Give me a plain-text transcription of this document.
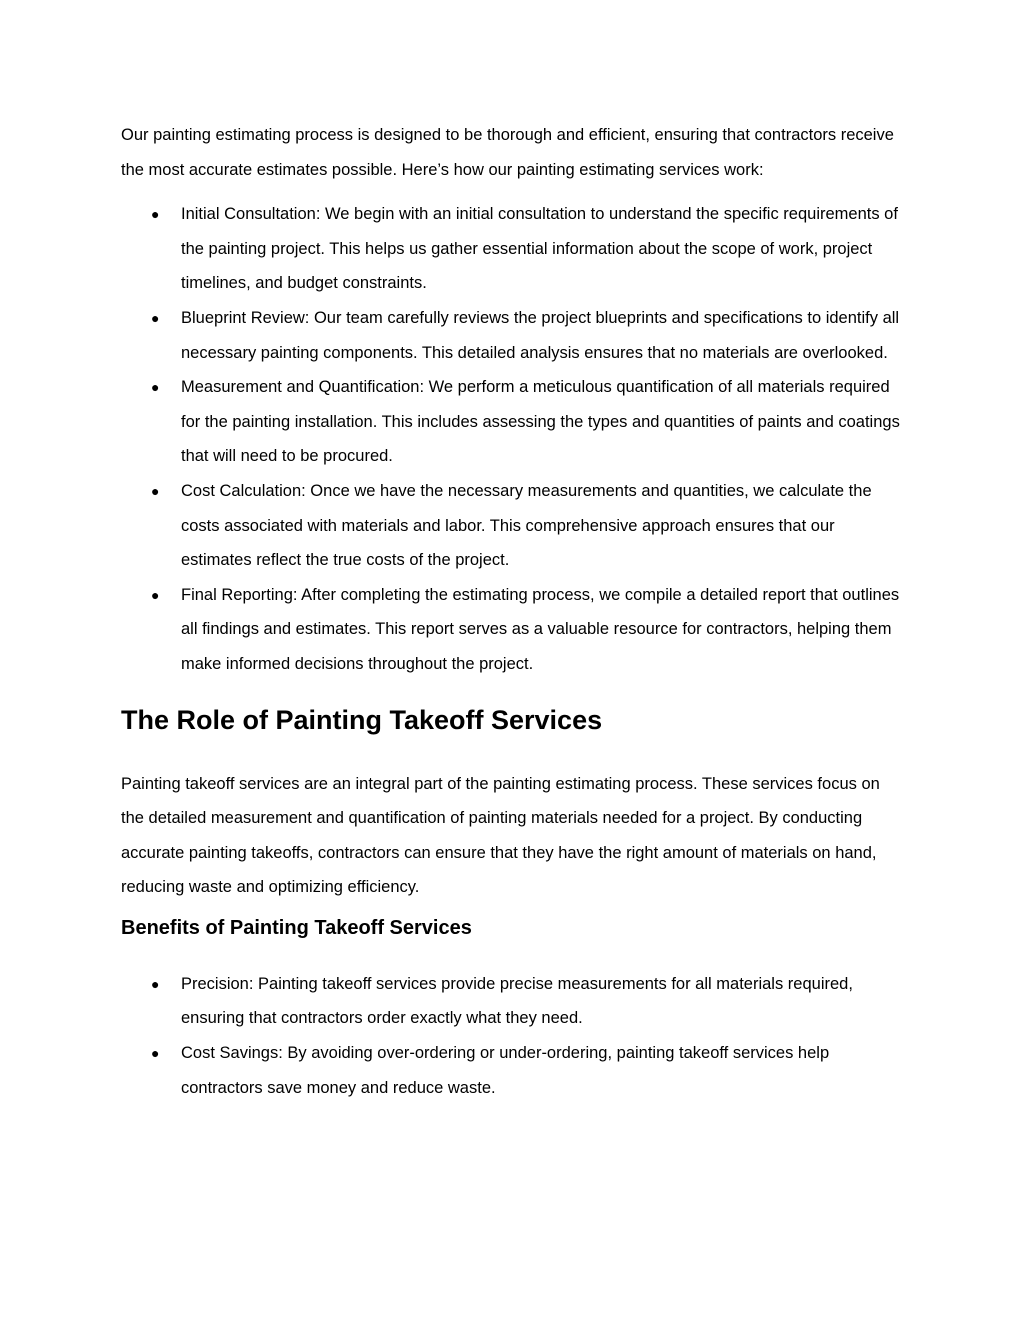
Our painting estimating process is designed to be thorough and efficient, ensuring that contractors receive the most accurate estimates possible. Here’s how our painting estimating services work:

● Initial Consultation: We begin with an initial consultation to understand the specific requirements of the painting project. This helps us gather essential information about the scope of work, project timelines, and budget constraints.
● Blueprint Review: Our team carefully reviews the project blueprints and specifications to identify all necessary painting components. This detailed analysis ensures that no materials are overlooked.
● Measurement and Quantification: We perform a meticulous quantification of all materials required for the painting installation. This includes assessing the types and quantities of paints and coatings that will need to be procured.
● Cost Calculation: Once we have the necessary measurements and quantities, we calculate the costs associated with materials and labor. This comprehensive approach ensures that our estimates reflect the true costs of the project.
● Final Reporting: After completing the estimating process, we compile a detailed report that outlines all findings and estimates. This report serves as a valuable resource for contractors, helping them make informed decisions throughout the project.
The Role of Painting Takeoff Services

Painting takeoff services are an integral part of the painting estimating process. These services focus on the detailed measurement and quantification of painting materials needed for a project. By conducting accurate painting takeoffs, contractors can ensure that they have the right amount of materials on hand, reducing waste and optimizing efficiency.

Benefits of Painting Takeoff Services
● Precision: Painting takeoff services provide precise measurements for all materials required, ensuring that contractors order exactly what they need.
● Cost Savings: By avoiding over-ordering or under-ordering, painting takeoff services help contractors save money and reduce waste.
